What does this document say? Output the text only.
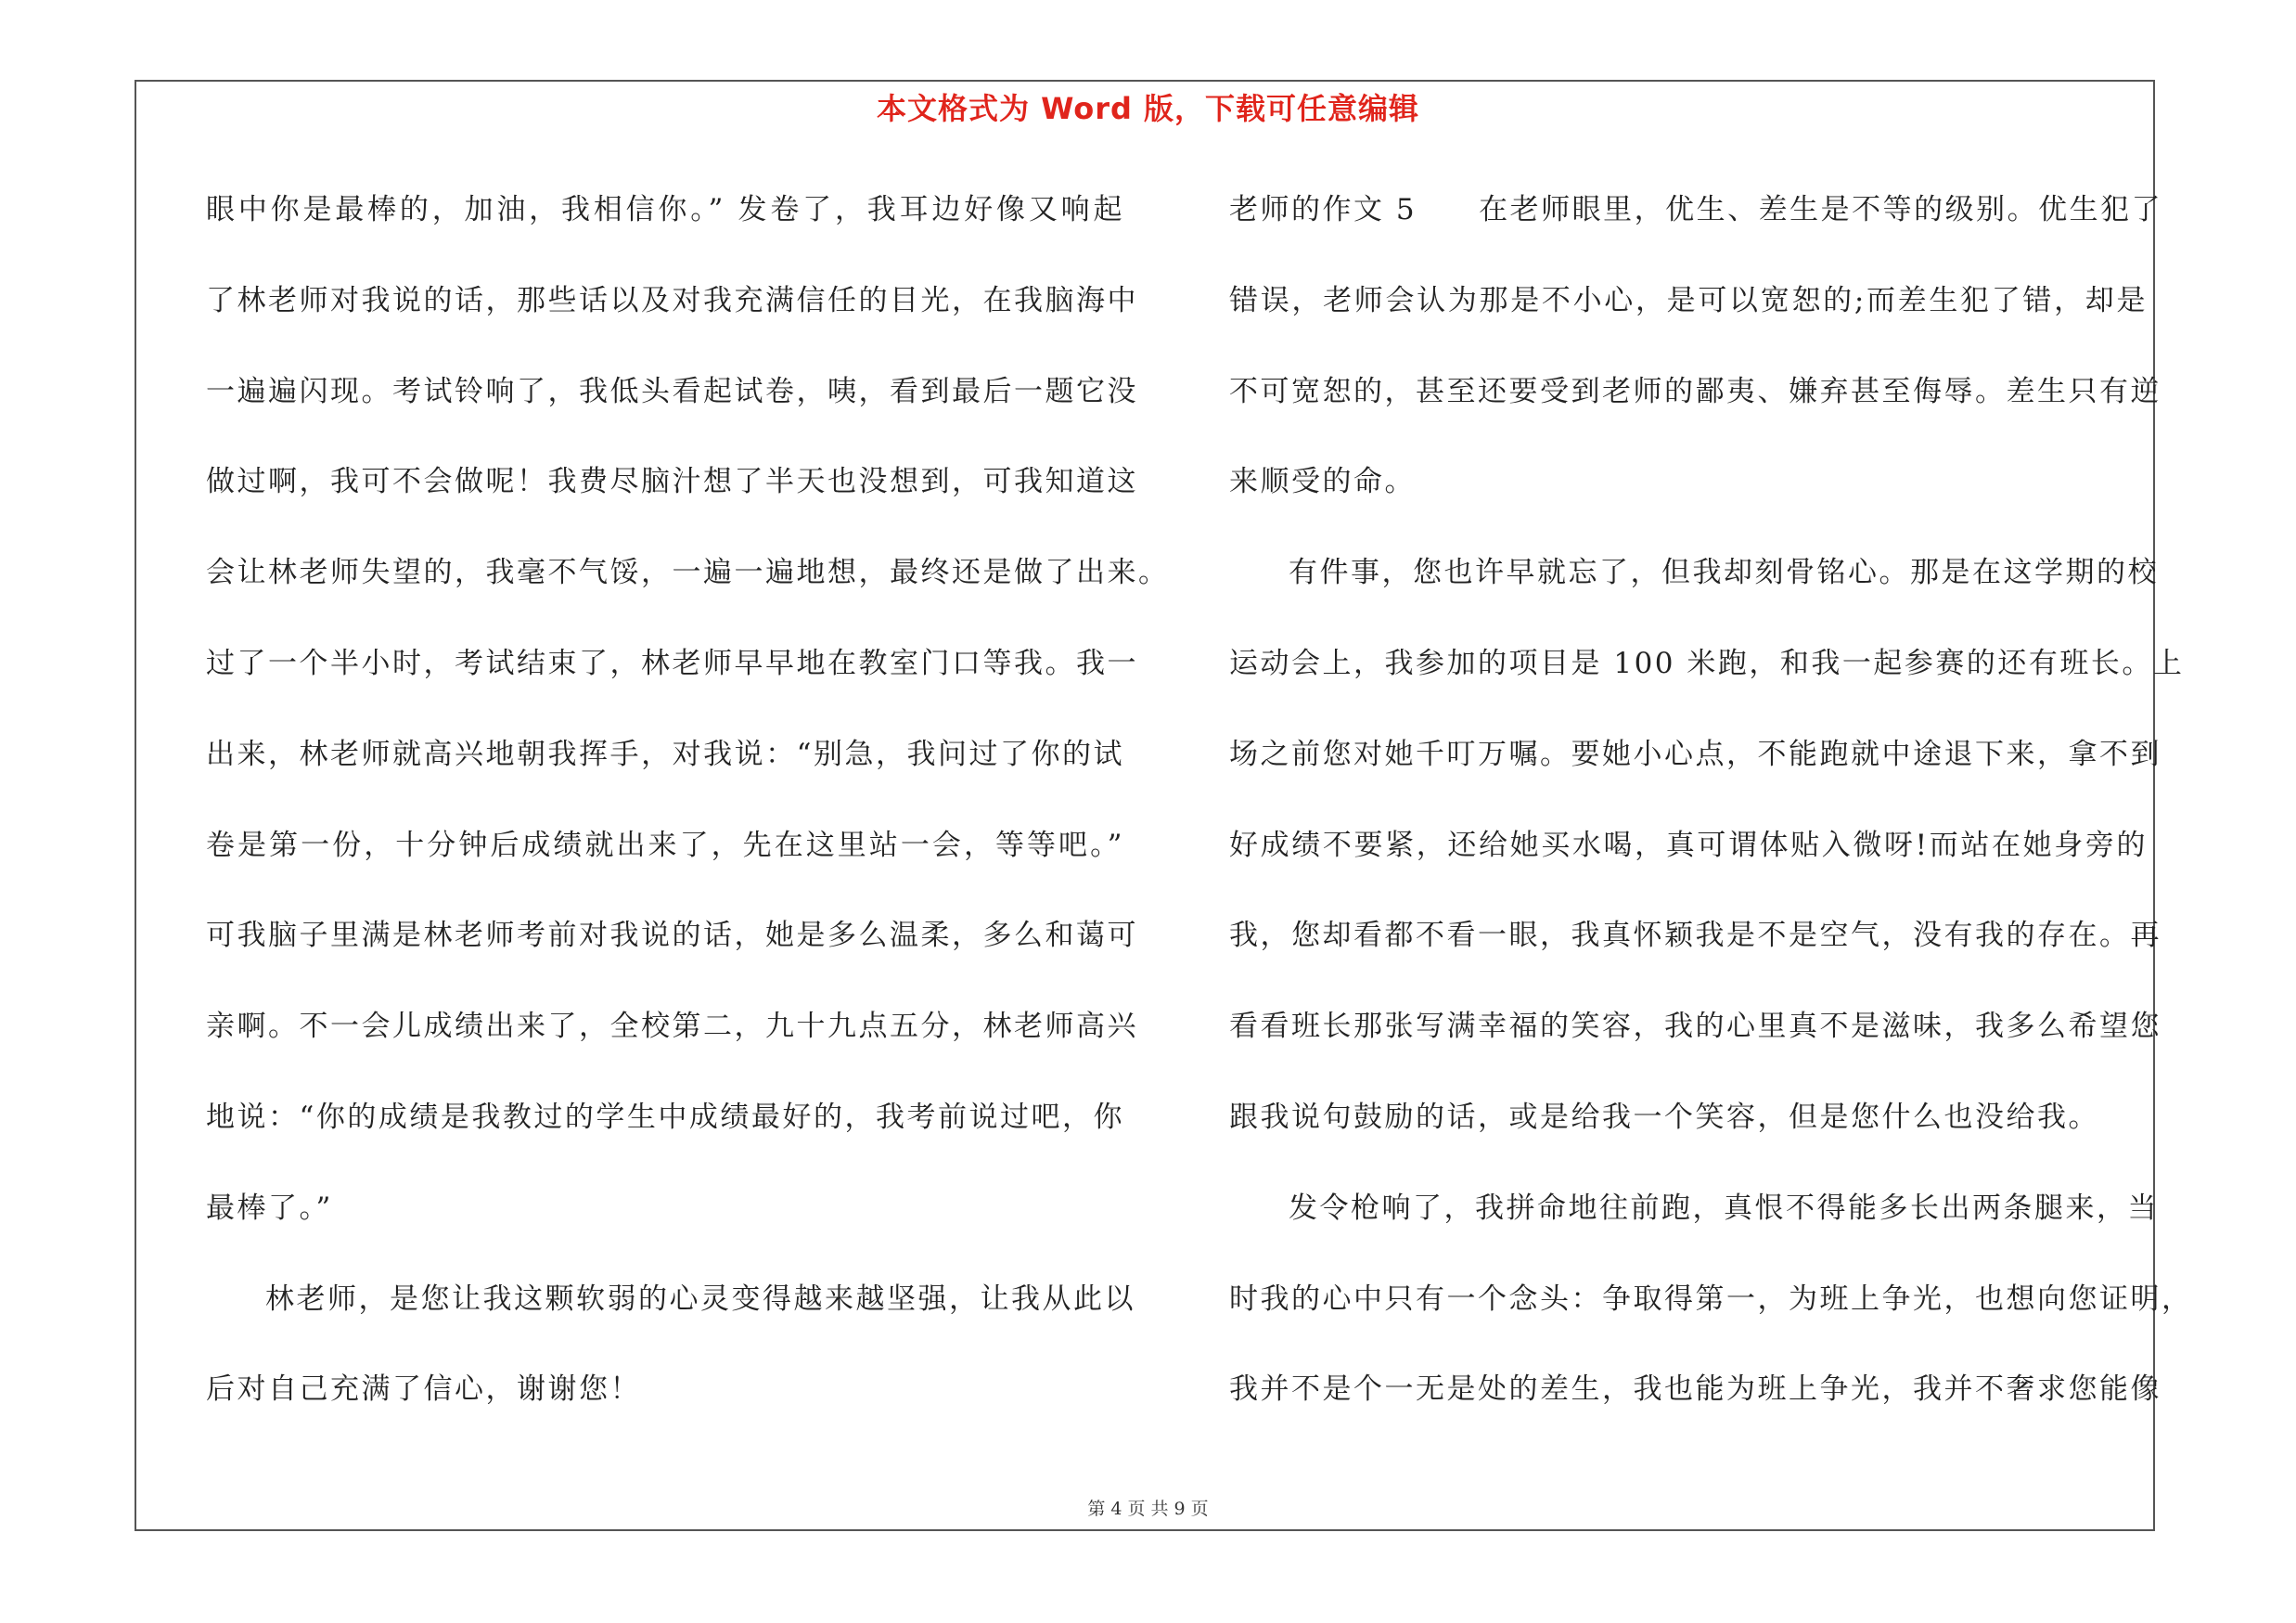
本文格式为 Word 版，下载可任意编辑
眼中你是最棒的，加油，我相信你。” 发卷了，我耳边好像又响起
了林老师对我说的话，那些话以及对我充满信任的目光，在我脑海中
一遍遍闪现。考试铃响了，我低头看起试卷，咦，看到最后一题它没
做过啊，我可不会做呢！我费尽脑汁想了半天也没想到，可我知道这
会让林老师失望的，我毫不气馁，一遍一遍地想，最终还是做了出来。
过了一个半小时，考试结束了，林老师早早地在教室门口等我。我一
出来，林老师就高兴地朝我挥手，对我说：“别急，我问过了你的试
卷是第一份，十分钟后成绩就出来了，先在这里站一会，等等吧。”
可我脑子里满是林老师考前对我说的话，她是多么温柔，多么和蔼可
亲啊。不一会儿成绩出来了，全校第二，九十九点五分，林老师高兴
地说：“你的成绩是我教过的学生中成绩最好的，我考前说过吧，你
最棒了。”
林老师，是您让我这颗软弱的心灵变得越来越坚强，让我从此以
后对自己充满了信心，谢谢您！
老师的作文 5　　在老师眼里，优生、差生是不等的级别。优生犯了
错误，老师会认为那是不小心，是可以宽恕的;而差生犯了错，却是
不可宽恕的，甚至还要受到老师的鄙夷、嫌弃甚至侮辱。差生只有逆
来顺受的命。
有件事，您也许早就忘了，但我却刻骨铭心。那是在这学期的校
运动会上，我参加的项目是 100 米跑，和我一起参赛的还有班长。上
场之前您对她千叮万嘱。要她小心点，不能跑就中途退下来，拿不到
好成绩不要紧，还给她买水喝，真可谓体贴入微呀!而站在她身旁的
我，您却看都不看一眼，我真怀颖我是不是空气，没有我的存在。再
看看班长那张写满幸福的笑容，我的心里真不是滋味，我多么希望您
跟我说句鼓励的话，或是给我一个笑容，但是您什么也没给我。
发令枪响了，我拼命地往前跑，真恨不得能多长出两条腿来，当
时我的心中只有一个念头：争取得第一，为班上争光，也想向您证明，
我并不是个一无是处的差生，我也能为班上争光，我并不奢求您能像
第 4 页 共 9 页
